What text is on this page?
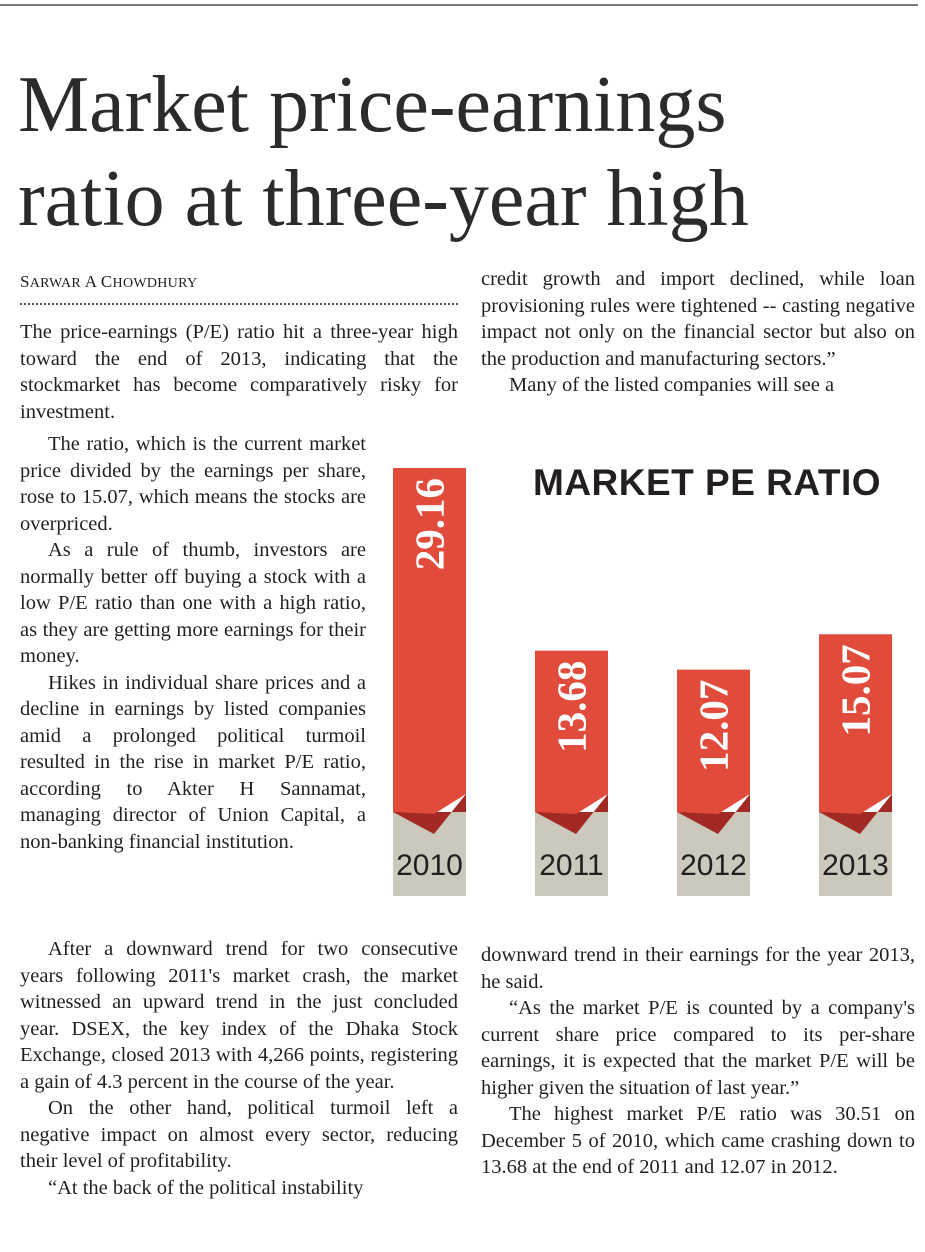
Market price-earnings
ratio at three-year high
SARWAR A CHOWDHURY

The price-earnings (P/E) ratio hit a three-year high toward the end of 2013, indicating that the stockmarket has become comparatively risky for investment.

The ratio, which is the current market price divided by the earnings per share, rose to 15.07, which means the stocks are overpriced.

As a rule of thumb, investors are normally better off buying a stock with a low P/E ratio than one with a high ratio, as they are getting more earnings for their money.

Hikes in individual share prices and a decline in earnings by listed companies amid a prolonged political turmoil resulted in the rise in market P/E ratio, according to Akter H Sannamat, managing director of Union Capital, a non-banking financial institution.

After a downward trend for two consecutive years following 2011's market crash, the market witnessed an upward trend in the just concluded year. DSEX, the key index of the Dhaka Stock Exchange, closed 2013 with 4,266 points, registering a gain of 4.3 percent in the course of the year.

On the other hand, political turmoil left a negative impact on almost every sector, reducing their level of profitability.

“At the back of the political instability

credit growth and import declined, while loan provisioning rules were tightened -- casting negative impact not only on the financial sector but also on the production and manufacturing sectors.”

Many of the listed companies will see a

downward trend in their earnings for the year 2013, he said.

“As the market P/E is counted by a company's current share price compared to its per-share earnings, it is expected that the market P/E will be higher given the situation of last year.”

The highest market P/E ratio was 30.51 on December 5 of 2010, which came crashing down to 13.68 at the end of 2011 and 12.07 in 2012.

MARKET PE RATIO
29.16
2010
13.68
2011
12.07
2012
15.07
2013
